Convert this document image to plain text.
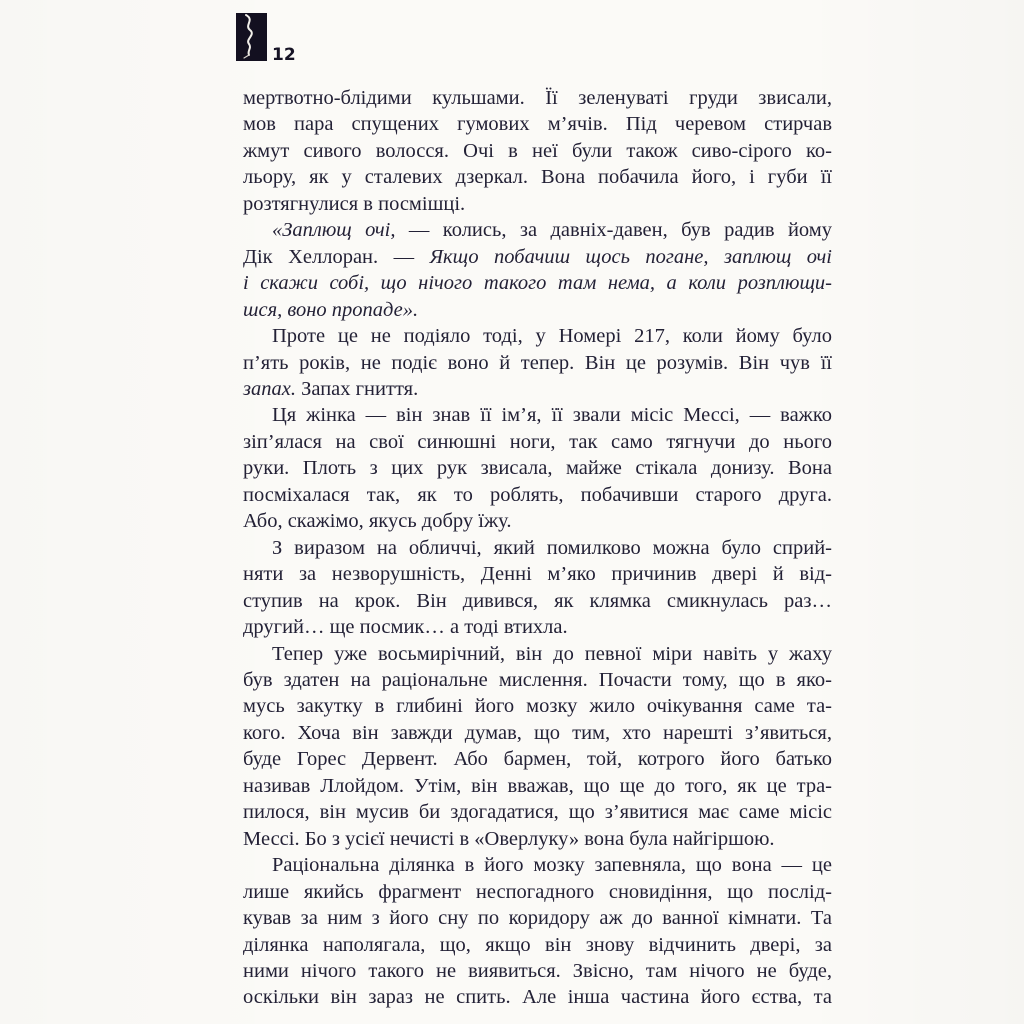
12
мертвотно-блідими кульшами. Її зеленуваті груди звисали,
мов пара спущених гумових м’ячів. Під черевом стирчав
жмут сивого волосся. Очі в неї були також сиво-сірого ко-
льору, як у сталевих дзеркал. Вона побачила його, і губи її
розтягнулися в посмішці.
«Заплющ очі, — колись, за давніх-давен, був радив йому
Дік Хеллоран. — Якщо побачиш щось погане, заплющ очі
і скажи собі, що нічого такого там нема, а коли розплющи-
шся, воно пропаде».
Проте це не подіяло тоді, у Номері 217, коли йому було
п’ять років, не подіє воно й тепер. Він це розумів. Він чув її
запах. Запах гниття.
Ця жінка — він знав її ім’я, її звали місіс Мессі, — важко
зіп’ялася на свої синюшні ноги, так само тягнучи до нього
руки. Плоть з цих рук звисала, майже стікала донизу. Вона
посміхалася так, як то роблять, побачивши старого друга.
Або, скажімо, якусь добру їжу.
З виразом на обличчі, який помилково можна було сприй-
няти за незворушність, Денні м’яко причинив двері й від-
ступив на крок. Він дивився, як клямка смикнулась раз…
другий… ще посмик… а тоді втихла.
Тепер уже восьмирічний, він до певної міри навіть у жаху
був здатен на раціональне мислення. Почасти тому, що в яко-
мусь закутку в глибині його мозку жило очікування саме та-
кого. Хоча він завжди думав, що тим, хто нарешті з’явиться,
буде Горес Дервент. Або бармен, той, котрого його батько
називав Ллойдом. Утім, він вважав, що ще до того, як це тра-
пилося, він мусив би здогадатися, що з’явитися має саме місіс
Мессі. Бо з усієї нечисті в «Оверлуку» вона була найгіршою.
Раціональна ділянка в його мозку запевняла, що вона — це
лише якийсь фрагмент неспогадного сновидіння, що послід-
кував за ним з його сну по коридору аж до ванної кімнати. Та
ділянка наполягала, що, якщо він знову відчинить двері, за
ними нічого такого не виявиться. Звісно, там нічого не буде,
оскільки він зараз не спить. Але інша частина його єства, та
